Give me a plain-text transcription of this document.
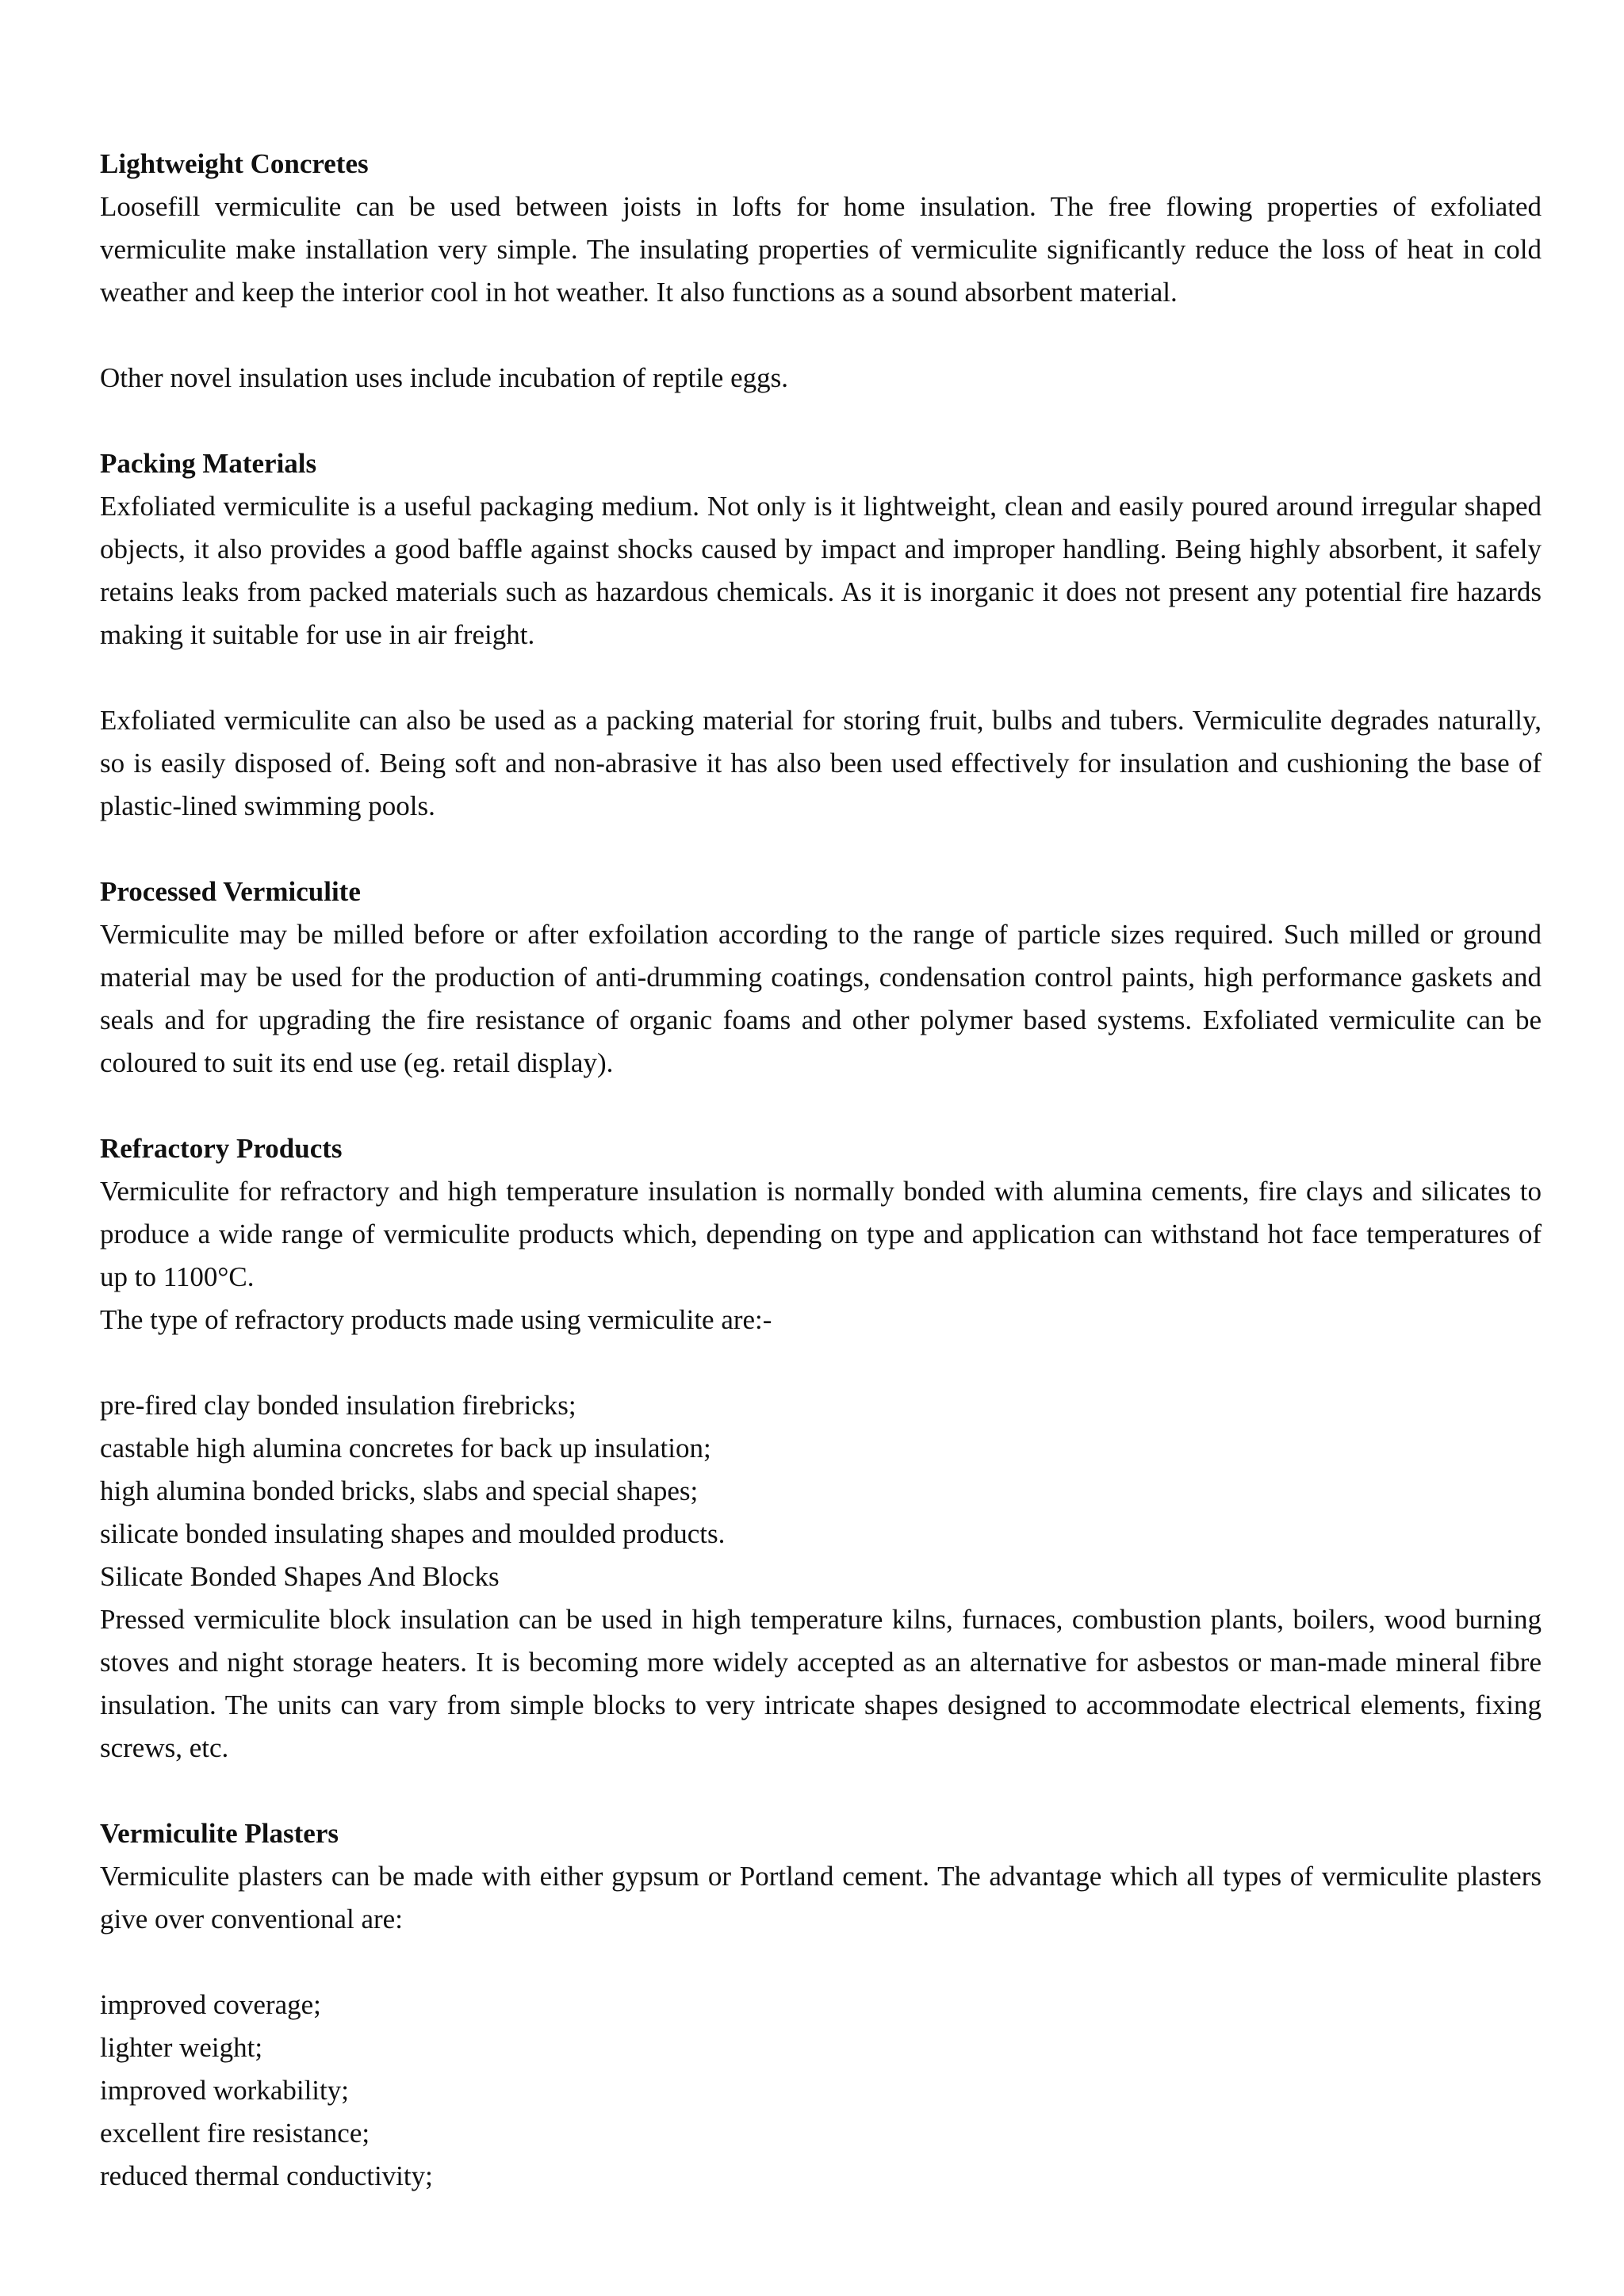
Lightweight Concretes

Loosefill vermiculite can be used between joists in lofts for home insulation. The free flowing properties of exfoliated vermiculite make installation very simple. The insulating properties of vermiculite significantly reduce the loss of heat in cold weather and keep the interior cool in hot weather. It also functions as a sound absorbent material.

Other novel insulation uses include incubation of reptile eggs.

Packing Materials

Exfoliated vermiculite is a useful packaging medium. Not only is it lightweight, clean and easily poured around irregular shaped objects, it also provides a good baffle against shocks caused by impact and improper handling. Being highly absorbent, it safely retains leaks from packed materials such as hazardous chemicals. As it is inorganic it does not present any potential fire hazards making it suitable for use in air freight.

Exfoliated vermiculite can also be used as a packing material for storing fruit, bulbs and tubers. Vermiculite degrades naturally, so is easily disposed of. Being soft and non-abrasive it has also been used effectively for insulation and cushioning the base of plastic-lined swimming pools.

Processed Vermiculite

Vermiculite may be milled before or after exfoilation according to the range of particle sizes required. Such milled or ground material may be used for the production of anti-drumming coatings, condensation control paints, high performance gaskets and seals and for upgrading the fire resistance of organic foams and other polymer based systems. Exfoliated vermiculite can be coloured to suit its end use (eg. retail display).

Refractory Products

Vermiculite for refractory and high temperature insulation is normally bonded with alumina cements, fire clays and silicates to produce a wide range of vermiculite products which, depending on type and application can withstand hot face temperatures of up to 1100°C.

The type of refractory products made using vermiculite are:-

pre-fired clay bonded insulation firebricks;

castable high alumina concretes for back up insulation;

high alumina bonded bricks, slabs and special shapes;

silicate bonded insulating shapes and moulded products.

Silicate Bonded Shapes And Blocks

Pressed vermiculite block insulation can be used in high temperature kilns, furnaces, combustion plants, boilers, wood burning stoves and night storage heaters. It is becoming more widely accepted as an alternative for asbestos or man-made mineral fibre insulation. The units can vary from simple blocks to very intricate shapes designed to accommodate electrical elements, fixing screws, etc.

Vermiculite Plasters

Vermiculite plasters can be made with either gypsum or Portland cement. The advantage which all types of vermiculite plasters give over conventional are:

improved coverage;

lighter weight;

improved workability;

excellent fire resistance;

reduced thermal conductivity;
